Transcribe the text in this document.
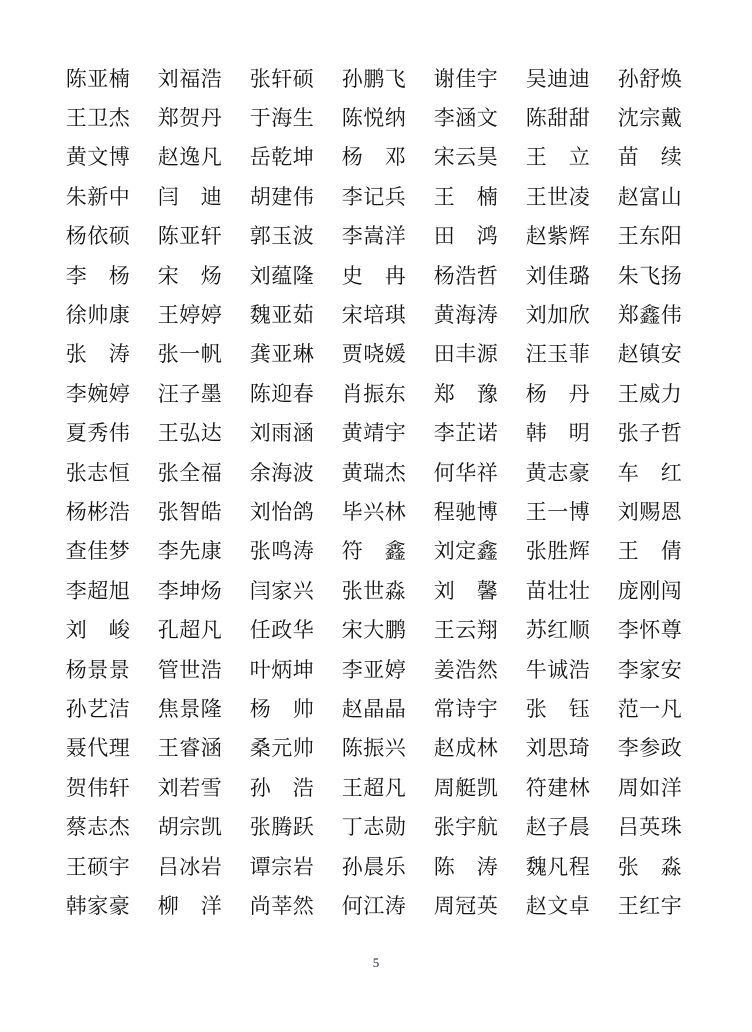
陈亚楠	刘福浩	张轩硕	孙鹏飞	谢佳宇	吴迪迪	孙舒焕
王卫杰	郑贺丹	于海生	陈悦纳	李涵文	陈甜甜	沈宗戴
黄文博	赵逸凡	岳乾坤	杨　邓	宋云昊	王　立	苗　续
朱新中	闫　迪	胡建伟	李记兵	王　楠	王世凌	赵富山
杨依硕	陈亚轩	郭玉波	李嵩洋	田　鸿	赵紫辉	王东阳
李　杨	宋　炀	刘蕴隆	史　冉	杨浩哲	刘佳璐	朱飞扬
徐帅康	王婷婷	魏亚茹	宋培琪	黄海涛	刘加欣	郑鑫伟
张　涛	张一帆	龚亚琳	贾哓媛	田丰源	汪玉菲	赵镇安
李婉婷	汪子墨	陈迎春	肖振东	郑　豫	杨　丹	王威力
夏秀伟	王弘达	刘雨涵	黄靖宇	李芷诺	韩　明	张子哲
张志恒	张全福	余海波	黄瑞杰	何华祥	黄志豪	车　红
杨彬浩	张智皓	刘怡鸽	毕兴林	程驰博	王一博	刘赐恩
查佳梦	李先康	张鸣涛	符　鑫	刘定鑫	张胜辉	王　倩
李超旭	李坤炀	闫家兴	张世淼	刘　馨	苗壮壮	庞刚闯
刘　峻	孔超凡	任政华	宋大鹏	王云翔	苏红顺	李怀尊
杨景景	管世浩	叶炳坤	李亚婷	姜浩然	牛诚浩	李家安
孙艺洁	焦景隆	杨　帅	赵晶晶	常诗宇	张　钰	范一凡
聂代理	王睿涵	桑元帅	陈振兴	赵成林	刘思琦	李参政
贺伟轩	刘若雪	孙　浩	王超凡	周艇凯	符建林	周如洋
蔡志杰	胡宗凯	张腾跃	丁志勋	张宇航	赵子晨	吕英珠
王硕宇	吕冰岩	谭宗岩	孙晨乐	陈　涛	魏凡程	张　淼
韩家豪	柳　洋	尚莘然	何江涛	周冠英	赵文卓	王红宇
5
